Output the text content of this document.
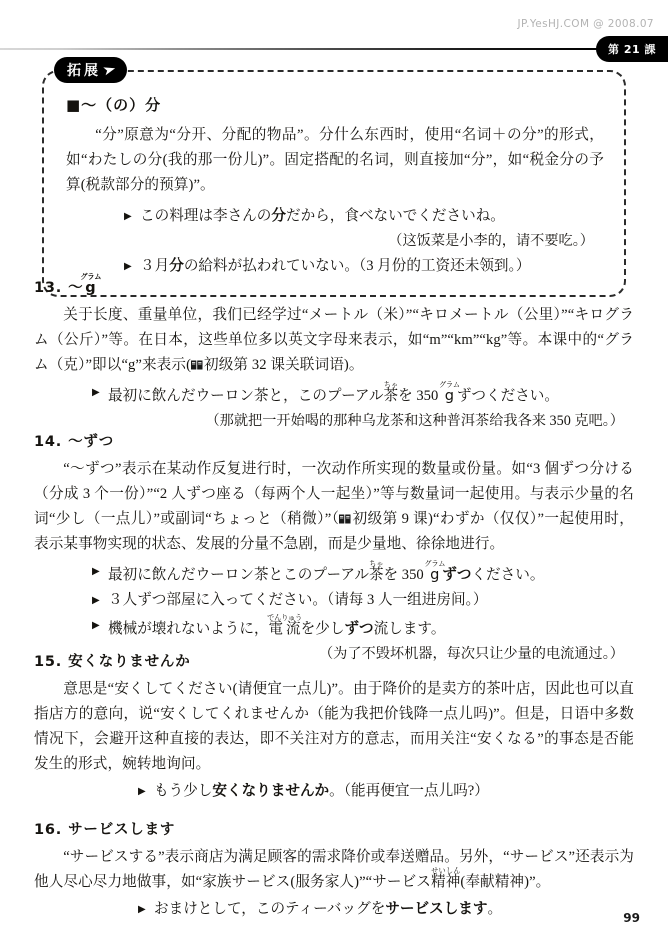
JP.YesHJ.COM @ 2008.07
第 21 課
拓展 ➤
■～（の）分

“分”原意为“分开、分配的物品”。分什么东西时，使用“名词＋の分”的形式，如“わたしの分(我的那一份儿)”。固定搭配的名词，则直接加“分”，如“税金分の予算(税款部分的预算)”。

▶ この料理は李さんの分だから，食べないでくださいね。

（这饭菜是小李的，请不要吃。）

▶ ３月分の給料が払われていない。（3 月份的工资还未领到。）

13. ～gグラム

关于长度、重量单位，我们已经学过“メートル（米）”“キロメートル（公里）”“キログラム（公斤）”等。在日本，这些单位多以英文字母来表示，如“m”“km”“kg”等。本课中的“グラム（克）”即以“g”来表示( 初级第 32 课关联词语)。

▶ 最初に飲んだウーロン茶と，このプーアル茶ちゃを 350 gグラムずつください。

（那就把一开始喝的那种乌龙茶和这种普洱茶给我各来 350 克吧。）

14. ～ずつ

“～ずつ”表示在某动作反复进行时，一次动作所实现的数量或份量。如“3 個ずつ分ける（分成 3 个一份）”“2 人ずつ座る（每两个人一起坐）”等与数量词一起使用。与表示少量的名词“少し（一点儿）”或副词“ちょっと（稍微）”（ 初级第 9 课)“わずか（仅仅）”一起使用时，表示某事物实现的状态、发展的分量不急剧，而是少量地、徐徐地进行。

▶ 最初に飲んだウーロン茶とこのプーアル茶ちゃを 350 gグラムずつください。

▶ ３人ずつ部屋に入ってください。（请每 3 人一组进房间。）

▶ 機械が壊れないように，電流でんりゅうを少しずつ流します。

（为了不毁坏机器，每次只让少量的电流通过。）

15. 安くなりませんか

意思是“安くしてください(请便宜一点儿)”。由于降价的是卖方的茶叶店，因此也可以直指店方的意向，说“安くしてくれませんか（能为我把价钱降一点儿吗)”。但是，日语中多数情况下，会避开这种直接的表达，即不关注对方的意志，而用关注“安くなる”的事态是否能发生的形式，婉转地询问。

▶ もう少し安くなりませんか。（能再便宜一点儿吗?）

16. サービスします

“サービスする”表示商店为满足顾客的需求降价或奉送赠品。另外，“サービス”还表示为他人尽心尽力地做事，如“家族サービス(服务家人)”“サービス精神せいしん(奉献精神)”。

▶ おまけとして，このティーバッグをサービスします。

99
